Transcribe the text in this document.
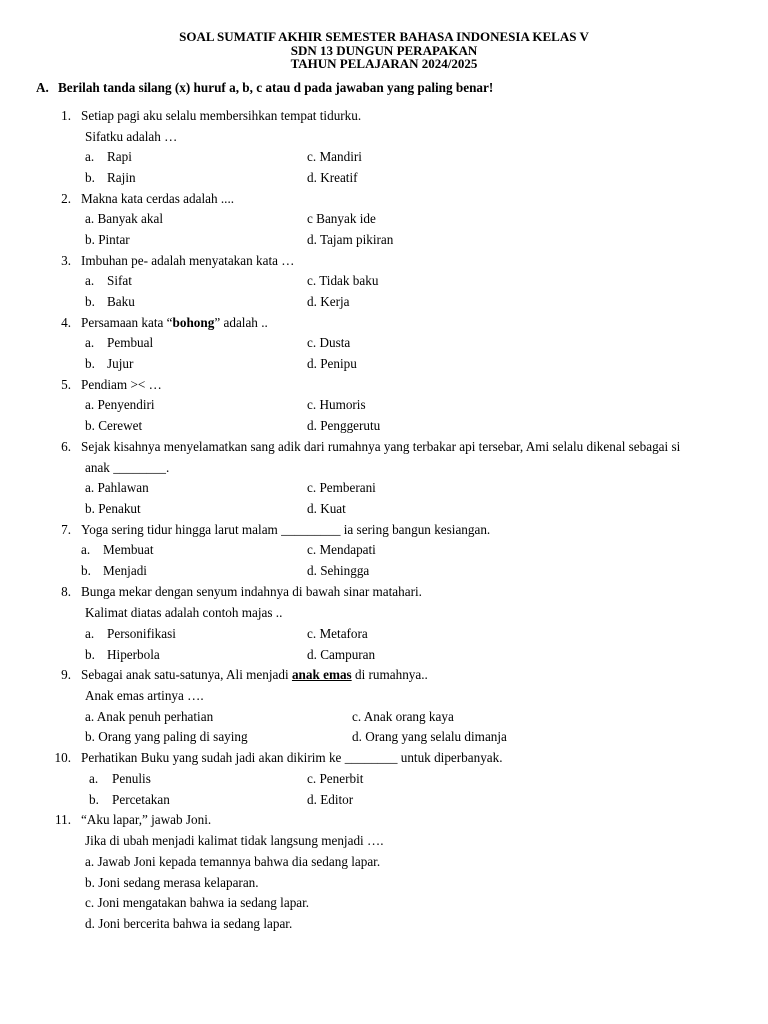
SOAL SUMATIF AKHIR SEMESTER BAHASA INDONESIA KELAS V
SDN 13 DUNGUN PERAPAKAN
TAHUN PELAJARAN 2024/2025
A. Berilah tanda silang (x) huruf a, b, c atau d pada jawaban yang paling benar!
1. Setiap pagi aku selalu membersihkan tempat tidurku.
Sifatku adalah …
a. Rapi
b. Rajin
c. Mandiri
d. Kreatif
2. Makna kata cerdas adalah ....
a. Banyak akal
b. Pintar
c Banyak ide
d. Tajam pikiran
3. Imbuhan pe- adalah menyatakan kata …
a. Sifat
b. Baku
c. Tidak baku
d. Kerja
4. Persamaan kata “bohong” adalah ..
a. Pembual
b. Jujur
c. Dusta
d. Penipu
5. Pendiam >< …
a. Penyendiri
b. Cerewet
c. Humoris
d. Penggerutu
6. Sejak kisahnya menyelamatkan sang adik dari rumahnya yang terbakar api tersebar, Ami selalu dikenal sebagai si
anak ________.
a. Pahlawan
b. Penakut
c. Pemberani
d. Kuat
7. Yoga sering tidur hingga larut malam _________ ia sering bangun kesiangan.
a. Membuat
b. Menjadi
c. Mendapati
d. Sehingga
8. Bunga mekar dengan senyum indahnya di bawah sinar matahari.
Kalimat diatas adalah contoh majas ..
a. Personifikasi
b. Hiperbola
c. Metafora
d. Campuran
9. Sebagai anak satu-satunya, Ali menjadi anak emas di rumahnya..
Anak emas artinya ….
a. Anak penuh perhatian
b. Orang yang paling di saying
c. Anak orang kaya
d. Orang yang selalu dimanja
10. Perhatikan Buku yang sudah jadi akan dikirim ke ________ untuk diperbanyak.
a. Penulis
b. Percetakan
c. Penerbit
d. Editor
11. “Aku lapar,” jawab Joni.
Jika di ubah menjadi kalimat tidak langsung menjadi ….
a. Jawab Joni kepada temannya bahwa dia sedang lapar.
b. Joni sedang merasa kelaparan.
c. Joni mengatakan bahwa ia sedang lapar.
d. Joni bercerita bahwa ia sedang lapar.
